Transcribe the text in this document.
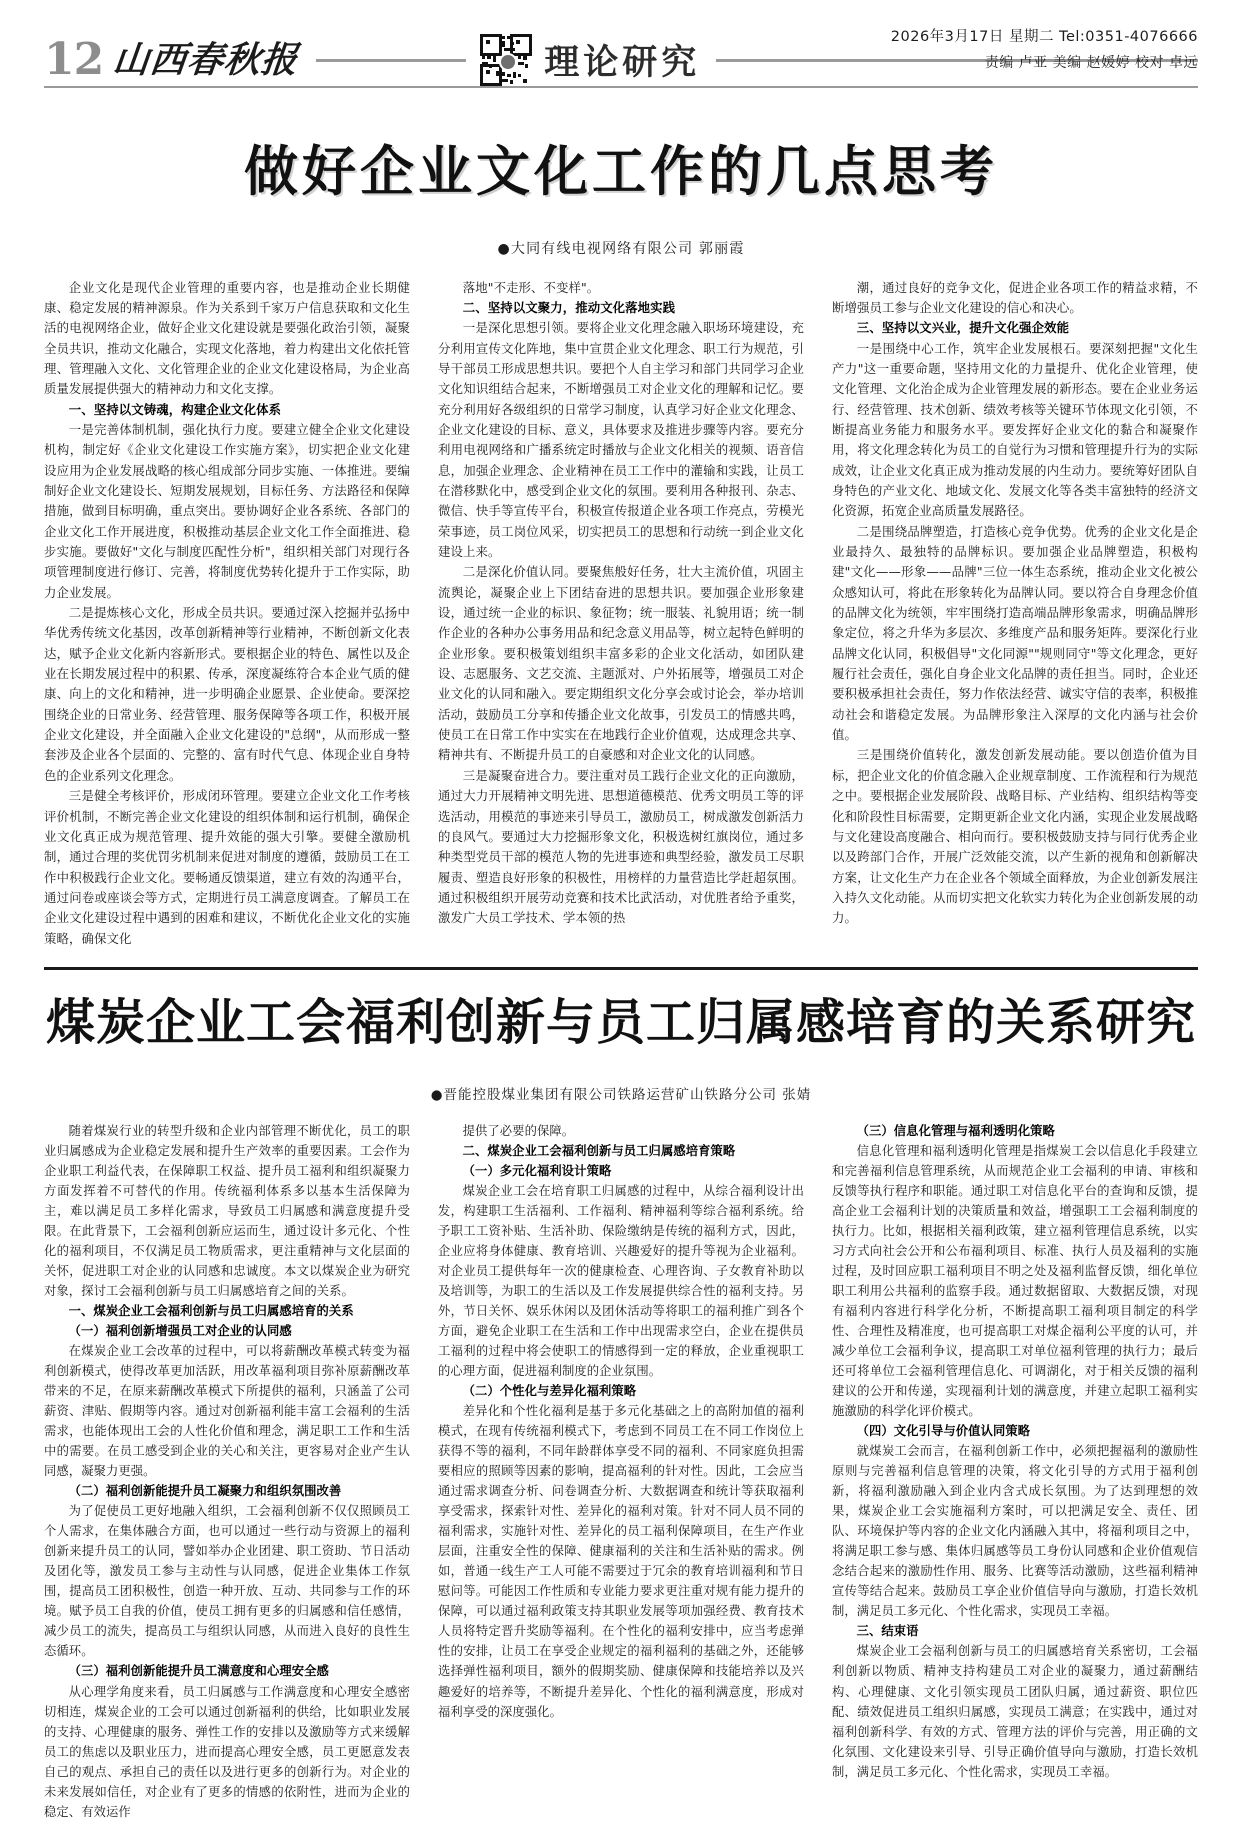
12 山西春秋报	理论研究
2026年3月17日 星期二 Tel:0351-4076666
责编 卢亚 美编 赵媛婷 校对 卓远
做好企业文化工作的几点思考
●大同有线电视网络有限公司 郭丽霞

企业文化是现代企业管理的重要内容，也是推动企业长期健康、稳定发展的精神源泉。作为关系到千家万户信息获取和文化生活的电视网络企业，做好企业文化建设就是要强化政治引领，凝聚全员共识，推动文化融合，实现文化落地，着力构建出文化依托管理、管理融入文化、文化管理企业的企业文化建设格局，为企业高质量发展提供强大的精神动力和文化支撑。

一、坚持以文铸魂，构建企业文化体系

一是完善体制机制，强化执行力度。要建立健全企业文化建设机构，制定好《企业文化建设工作实施方案》，切实把企业文化建设应用为企业发展战略的核心组成部分同步实施、一体推进。要编制好企业文化建设长、短期发展规划，目标任务、方法路径和保障措施，做到目标明确，重点突出。要协调好企业各系统、各部门的企业文化工作开展进度，积极推动基层企业文化工作全面推进、稳步实施。要做好"文化与制度匹配性分析"，组织相关部门对现行各项管理制度进行修订、完善，将制度优势转化提升于工作实际，助力企业发展。

二是提炼核心文化，形成全员共识。要通过深入挖掘并弘扬中华优秀传统文化基因，改革创新精神等行业精神，不断创新文化表达，赋予企业文化新内容新形式。要根据企业的特色、属性以及企业在长期发展过程中的积累、传承，深度凝练符合本企业气质的健康、向上的文化和精神，进一步明确企业愿景、企业使命。要深挖围绕企业的日常业务、经营管理、服务保障等各项工作，积极开展企业文化建设，并全面融入企业文化建设的"总纲"，从而形成一整套涉及企业各个层面的、完整的、富有时代气息、体现企业自身特色的企业系列文化理念。

三是健全考核评价，形成闭环管理。要建立企业文化工作考核评价机制，不断完善企业文化建设的组织体制和运行机制，确保企业文化真正成为规范管理、提升效能的强大引擎。要健全激励机制，通过合理的奖优罚劣机制来促进对制度的遵循，鼓励员工在工作中积极践行企业文化。要畅通反馈渠道，建立有效的沟通平台，通过问卷或座谈会等方式，定期进行员工满意度调查。了解员工在企业文化建设过程中遇到的困难和建议，不断优化企业文化的实施策略，确保文化

落地"不走形、不变样"。

二、坚持以文聚力，推动文化落地实践

一是深化思想引领。要将企业文化理念融入职场环境建设，充分利用宣传文化阵地，集中宣贯企业文化理念、职工行为规范，引导干部员工形成思想共识。要把个人自主学习和部门共同学习企业文化知识组结合起来，不断增强员工对企业文化的理解和记忆。要充分利用好各级组织的日常学习制度，认真学习好企业文化理念、企业文化建设的目标、意义，具体要求及推进步骤等内容。要充分利用电视网络和广播系统定时播放与企业文化相关的视频、语音信息，加强企业理念、企业精神在员工工作中的灌输和实践，让员工在潜移默化中，感受到企业文化的氛围。要利用各种报刊、杂志、微信、快手等宣传平台，积极宣传报道企业各项工作亮点，劳模光荣事迹，员工岗位风采，切实把员工的思想和行动统一到企业文化建设上来。

二是深化价值认同。要聚焦般好任务，壮大主流价值，巩固主流舆论，凝聚企业上下团结奋进的思想共识。要加强企业形象建设，通过统一企业的标识、象征物；统一服装、礼貌用语；统一制作企业的各种办公事务用品和纪念意义用品等，树立起特色鲜明的企业形象。要积极策划组织丰富多彩的企业文化活动，如团队建设、志愿服务、文艺交流、主题派对、户外拓展等，增强员工对企业文化的认同和融入。要定期组织文化分享会或讨论会，举办培训活动，鼓励员工分享和传播企业文化故事，引发员工的情感共鸣，使员工在日常工作中实实在在地践行企业价值观，达成理念共享、精神共有、不断提升员工的自豪感和对企业文化的认同感。

三是凝聚奋进合力。要注重对员工践行企业文化的正向激励，通过大力开展精神文明先进、思想道德模范、优秀文明员工等的评选活动，用模范的事迹来引导员工，激励员工，树成激发创新活力的良风气。要通过大力挖掘形象文化，积极选树红旗岗位，通过多种类型党员干部的模范人物的先进事迹和典型经验，激发员工尽职履责、塑造良好形象的积极性，用榜样的力量营造比学赶超氛围。通过积极组织开展劳动竞赛和技术比武活动，对优胜者给予重奖，激发广大员工学技术、学本领的热

潮，通过良好的竞争文化，促进企业各项工作的精益求精，不断增强员工参与企业文化建设的信心和决心。

三、坚持以文兴业，提升文化强企效能

一是围绕中心工作，筑牢企业发展根石。要深刻把握"文化生产力"这一重要命题，坚持用文化的力量提升、优化企业管理，使文化管理、文化治企成为企业管理发展的新形态。要在企业业务运行、经营管理、技术创新、绩效考核等关键环节体现文化引领，不断提高业务能力和服务水平。要发挥好企业文化的黏合和凝聚作用，将文化理念转化为员工的自觉行为习惯和管理提升行为的实际成效，让企业文化真正成为推动发展的内生动力。要统筹好团队自身特色的产业文化、地域文化、发展文化等各类丰富独特的经济文化资源，拓宽企业高质量发展路径。

二是围绕品牌塑造，打造核心竞争优势。优秀的企业文化是企业最持久、最独特的品牌标识。要加强企业品牌塑造，积极构建"文化——形象——品牌"三位一体生态系统，推动企业文化被公众感知认可，将此在形象转化为品牌认同。要以符合自身理念价值的品牌文化为统领，牢牢围绕打造高端品牌形象需求，明确品牌形象定位，将之升华为多层次、多维度产品和服务矩阵。要深化行业品牌文化认同，积极倡导"文化同源""规则同守"等文化理念，更好履行社会责任，强化自身企业文化品牌的责任担当。同时，企业还要积极承担社会责任，努力作依法经营、诚实守信的表率，积极推动社会和谐稳定发展。为品牌形象注入深厚的文化内涵与社会价值。

三是围绕价值转化，激发创新发展动能。要以创造价值为目标，把企业文化的价值念融入企业规章制度、工作流程和行为规范之中。要根据企业发展阶段、战略目标、产业结构、组织结构等变化和阶段性目标需要，定期更新企业文化内涵，实现企业发展战略与文化建设高度融合、相向而行。要积极鼓励支持与同行优秀企业以及跨部门合作，开展广泛效能交流，以产生新的视角和创新解决方案，让文化生产力在企业各个领域全面释放，为企业创新发展注入持久文化动能。从而切实把文化软实力转化为企业创新发展的动力。

煤炭企业工会福利创新与员工归属感培育的关系研究
●晋能控股煤业集团有限公司铁路运营矿山铁路分公司 张婧

随着煤炭行业的转型升级和企业内部管理不断优化，员工的职业归属感成为企业稳定发展和提升生产效率的重要因素。工会作为企业职工利益代表，在保障职工权益、提升员工福利和组织凝聚力方面发挥着不可替代的作用。传统福利体系多以基本生活保障为主，难以满足员工多样化需求，导致员工归属感和满意度提升受限。在此背景下，工会福利创新应运而生，通过设计多元化、个性化的福利项目，不仅满足员工物质需求，更注重精神与文化层面的关怀，促进职工对企业的认同感和忠诚度。本文以煤炭企业为研究对象，探讨工会福利创新与员工归属感培育之间的关系。

一、煤炭企业工会福利创新与员工归属感培育的关系

（一）福利创新增强员工对企业的认同感

在煤炭企业工会改革的过程中，可以将薪酬改革模式转变为福利创新模式，使得改革更加活跃，用改革福利项目弥补原薪酬改革带来的不足，在原来薪酬改革模式下所提供的福利，只涵盖了公司薪资、津贴、假期等内容。通过对创新福利能丰富工会福利的生活需求，也能体现出工会的人性化价值和理念，满足职工工作和生活中的需要。在员工感受到企业的关心和关注，更容易对企业产生认同感，凝聚力更强。

（二）福利创新能提升员工凝聚力和组织氛围改善

为了促使员工更好地融入组织，工会福利创新不仅仅照顾员工个人需求，在集体融合方面，也可以通过一些行动与资源上的福利创新来提升员工的认同，譬如举办企业团建、职工资助、节日活动及团化等，激发员工参与主动性与认同感，促进企业集体工作氛围，提高员工团积极性，创造一种开放、互动、共同参与工作的环境。赋予员工自我的价值，使员工拥有更多的归属感和信任感情，减少员工的流失，提高员工与组织认同感，从而进入良好的良性生态循环。

（三）福利创新能提升员工满意度和心理安全感

从心理学角度来看，员工归属感与工作满意度和心理安全感密切相连，煤炭企业的工会可以通过创新福利的供给，比如职业发展的支持、心理健康的服务、弹性工作的安排以及激励等方式来缓解员工的焦虑以及职业压力，进而提高心理安全感，员工更愿意发表自己的观点、承担自己的责任以及进行更多的创新行为。对企业的未来发展如信任，对企业有了更多的情感的依附性，进而为企业的稳定、有效运作

提供了必要的保障。

二、煤炭企业工会福利创新与员工归属感培育策略

（一）多元化福利设计策略

煤炭企业工会在培育职工归属感的过程中，从综合福利设计出发，构建职工生活福利、工作福利、精神福利等综合福利系统。给予职工工资补贴、生活补助、保险缴纳是传统的福利方式，因此，企业应将身体健康、教育培训、兴趣爱好的提升等视为企业福利。对企业员工提供每年一次的健康检查、心理咨询、子女教育补助以及培训等，为职工的生活以及工作发展提供综合性的福利支持。另外，节日关怀、娱乐休闲以及团休活动等将职工的福利推广到各个方面，避免企业职工在生活和工作中出现需求空白，企业在提供员工福利的过程中将会使职工的情感得到一定的释放，企业重视职工的心理方面，促进福利制度的企业氛围。

（二）个性化与差异化福利策略

差异化和个性化福利是基于多元化基础之上的高附加值的福利模式，在现有传统福利模式下，考虑到不同员工在不同工作岗位上获得不等的福利，不同年龄群体享受不同的福利、不同家庭负担需要相应的照顾等因素的影响，提高福利的针对性。因此，工会应当通过需求调查分析、问卷调查分析、大数据调查和统计等获取福利享受需求，探索针对性、差异化的福利对策。针对不同人员不同的福利需求，实施针对性、差异化的员工福利保障项目，在生产作业层面，注重安全性的保障、健康福利的关注和生活补贴的需求。例如，普通一线生产工人可能不需要过于冗余的教育培训福利和节日慰问等。可能因工作性质和专业能力要求更注重对规有能力提升的保障，可以通过福利政策支持其职业发展等项加强经费、教育技术人员将特定晋升奖励等福利。在个性化的福利安排中，应当考虑弹性的安排，让员工在享受企业规定的福利福利的基础之外，还能够选择弹性福利项目，额外的假期奖励、健康保障和技能培养以及兴趣爱好的培养等，不断提升差异化、个性化的福利满意度，形成对福利享受的深度强化。

（三）信息化管理与福利透明化策略

信息化管理和福利透明化管理是指煤炭工会以信息化手段建立和完善福利信息管理系统，从而规范企业工会福利的申请、审核和反馈等执行程序和职能。通过职工对信息化平台的查询和反馈，提高企业工会福利计划的决策质量和效益，增强职工工会福利制度的执行力。比如，根据相关福利政策，建立福利管理信息系统，以实习方式向社会公开和公布福利项目、标准、执行人员及福利的实施过程，及时回应职工福利项目不明之处及福利监督反馈，细化单位职工利用公共福利的监察手段。通过数据留取、大数据反馈，对现有福利内容进行科学化分析，不断提高职工福利项目制定的科学性、合理性及精准度，也可提高职工对煤企福利公平度的认可，并减少单位工会福利争议，提高职工对单位福利管理的执行力；最后还可将单位工会福利管理信息化、可调湖化，对于相关反馈的福利建议的公开和传递，实现福利计划的满意度，并建立起职工福利实施激励的科学化评价模式。

（四）文化引导与价值认同策略

就煤炭工会而言，在福利创新工作中，必须把握福利的激励性原则与完善福利信息管理的决策，将文化引导的方式用于福利创新，将福利激励融入到企业内含式成长氛围。为了达到理想的效果，煤炭企业工会实施福利方案时，可以把满足安全、责任、团队、环境保护等内容的企业文化内涵融入其中，将福利项目之中，将满足职工参与感、集体归属感等员工身份认同感和企业价值观信念结合起来的激励性作用、服务、比赛等活动激励，这些福利精神宣传等结合起来。鼓励员工享企业价值信导向与激励，打造长效机制，满足员工多元化、个性化需求，实现员工幸福。

三、结束语

煤炭企业工会福利创新与员工的归属感培育关系密切，工会福利创新以物质、精神支持构建员工对企业的凝聚力，通过薪酬结构、心理健康、文化引领实现员工团队归属，通过薪资、职位匹配、绩效促进员工组织归属感，实现员工满意；在实践中，通过对福利创新科学、有效的方式、管理方法的评价与完善，用正确的文化氛围、文化建设来引导、引导正确价值导向与激励，打造长效机制，满足员工多元化、个性化需求，实现员工幸福。
